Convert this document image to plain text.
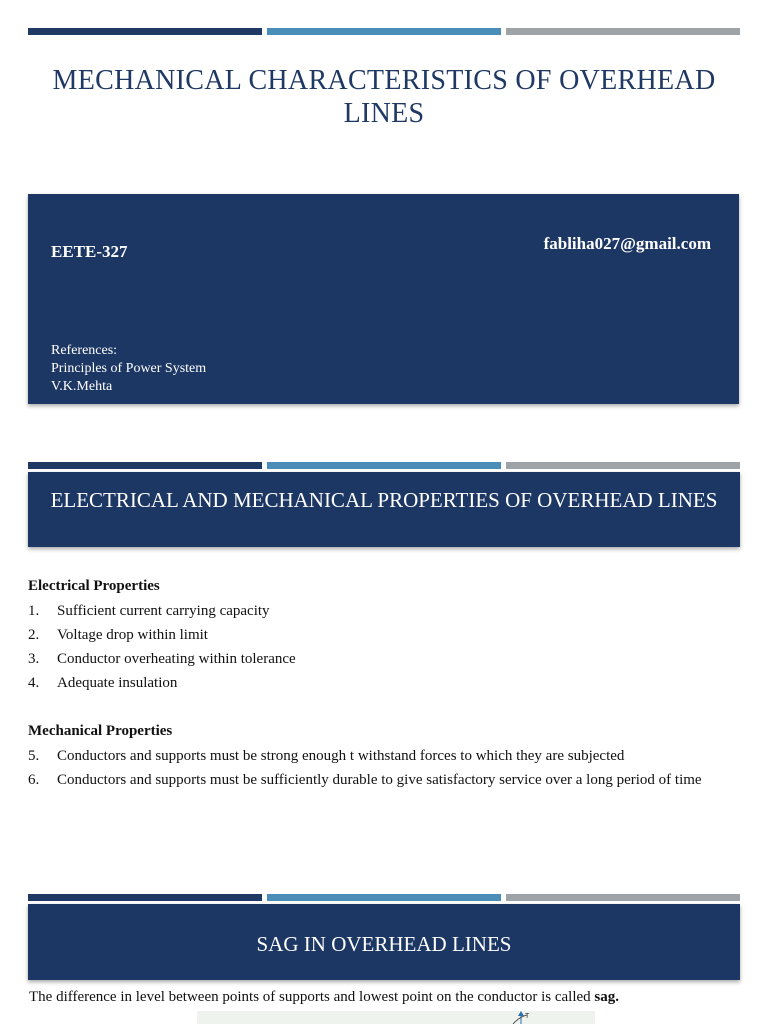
MECHANICAL CHARACTERISTICS OF OVERHEAD LINES
EETE-327	fabliha027@gmail.com
References:
Principles of Power System
V.K.Mehta
ELECTRICAL AND MECHANICAL PROPERTIES OF OVERHEAD LINES
Electrical Properties
1. Sufficient current carrying capacity
2. Voltage drop within limit
3. Conductor overheating within tolerance
4. Adequate insulation
Mechanical Properties
5. Conductors and supports must be strong enough t withstand forces to which they are subjected
6. Conductors and supports must be sufficiently durable to give satisfactory service over a long period of time
SAG IN OVERHEAD LINES
The difference in level between points of supports and lowest point on the conductor is called sag.
T
